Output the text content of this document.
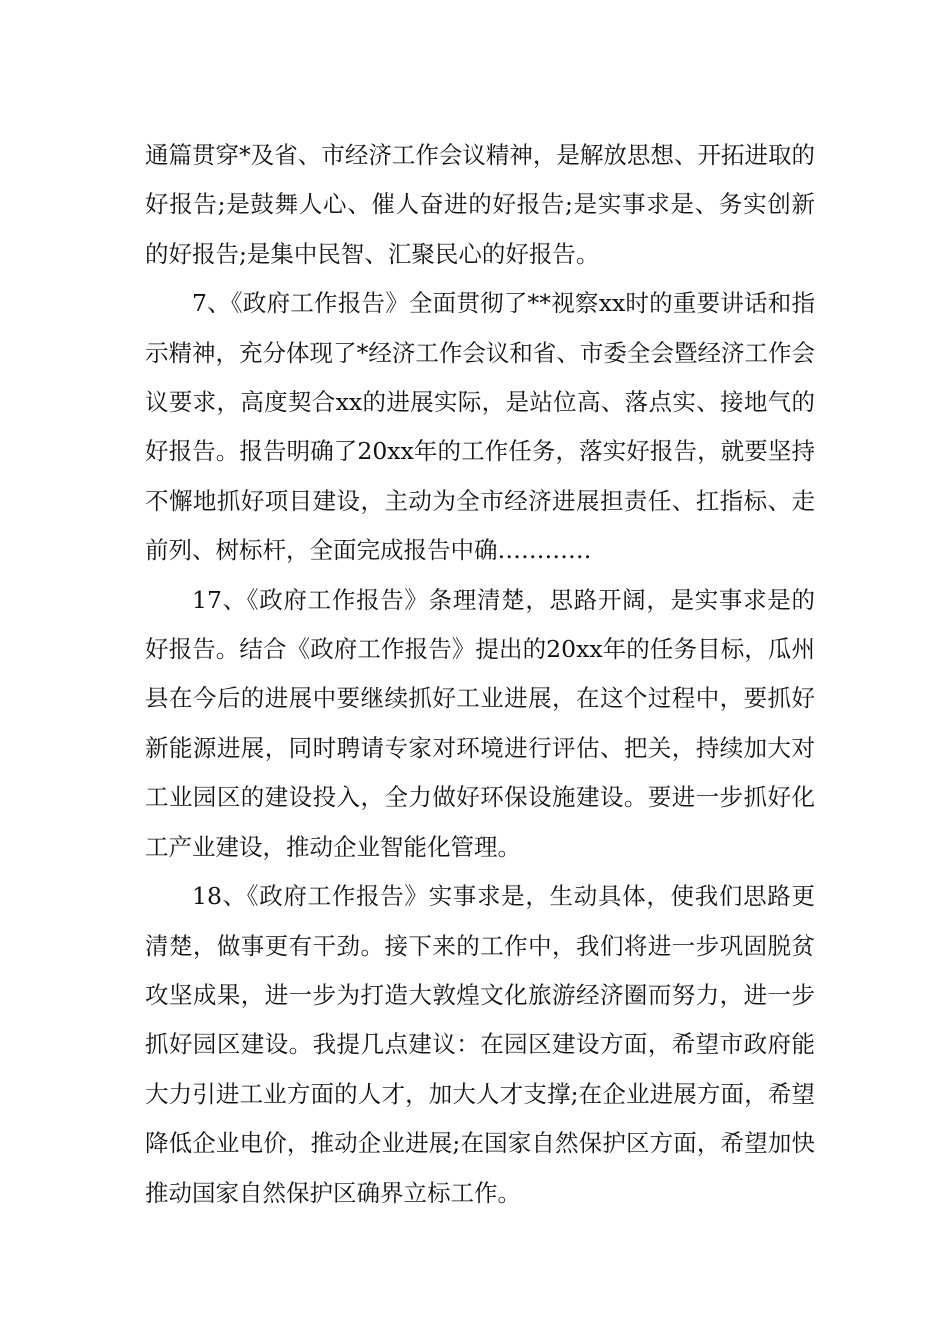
通篇贯穿*及省、市经济工作会议精神，是解放思想、开拓进取的好报告;是鼓舞人心、催人奋进的好报告;是实事求是、务实创新的好报告;是集中民智、汇聚民心的好报告。

7、《政府工作报告》全面贯彻了**视察xx时的重要讲话和指示精神，充分体现了*经济工作会议和省、市委全会暨经济工作会议要求，高度契合xx的进展实际，是站位高、落点实、接地气的好报告。报告明确了20xx年的工作任务，落实好报告，就要坚持不懈地抓好项目建设，主动为全市经济进展担责任、扛指标、走前列、树标杆，全面完成报告中确…………

17、《政府工作报告》条理清楚，思路开阔，是实事求是的好报告。结合《政府工作报告》提出的20xx年的任务目标，瓜州县在今后的进展中要继续抓好工业进展，在这个过程中，要抓好新能源进展，同时聘请专家对环境进行评估、把关，持续加大对工业园区的建设投入，全力做好环保设施建设。要进一步抓好化工产业建设，推动企业智能化管理。

18、《政府工作报告》实事求是，生动具体，使我们思路更清楚，做事更有干劲。接下来的工作中，我们将进一步巩固脱贫攻坚成果，进一步为打造大敦煌文化旅游经济圈而努力，进一步抓好园区建设。我提几点建议：在园区建设方面，希望市政府能大力引进工业方面的人才，加大人才支撑;在企业进展方面，希望降低企业电价，推动企业进展;在国家自然保护区方面，希望加快推动国家自然保护区确界立标工作。
